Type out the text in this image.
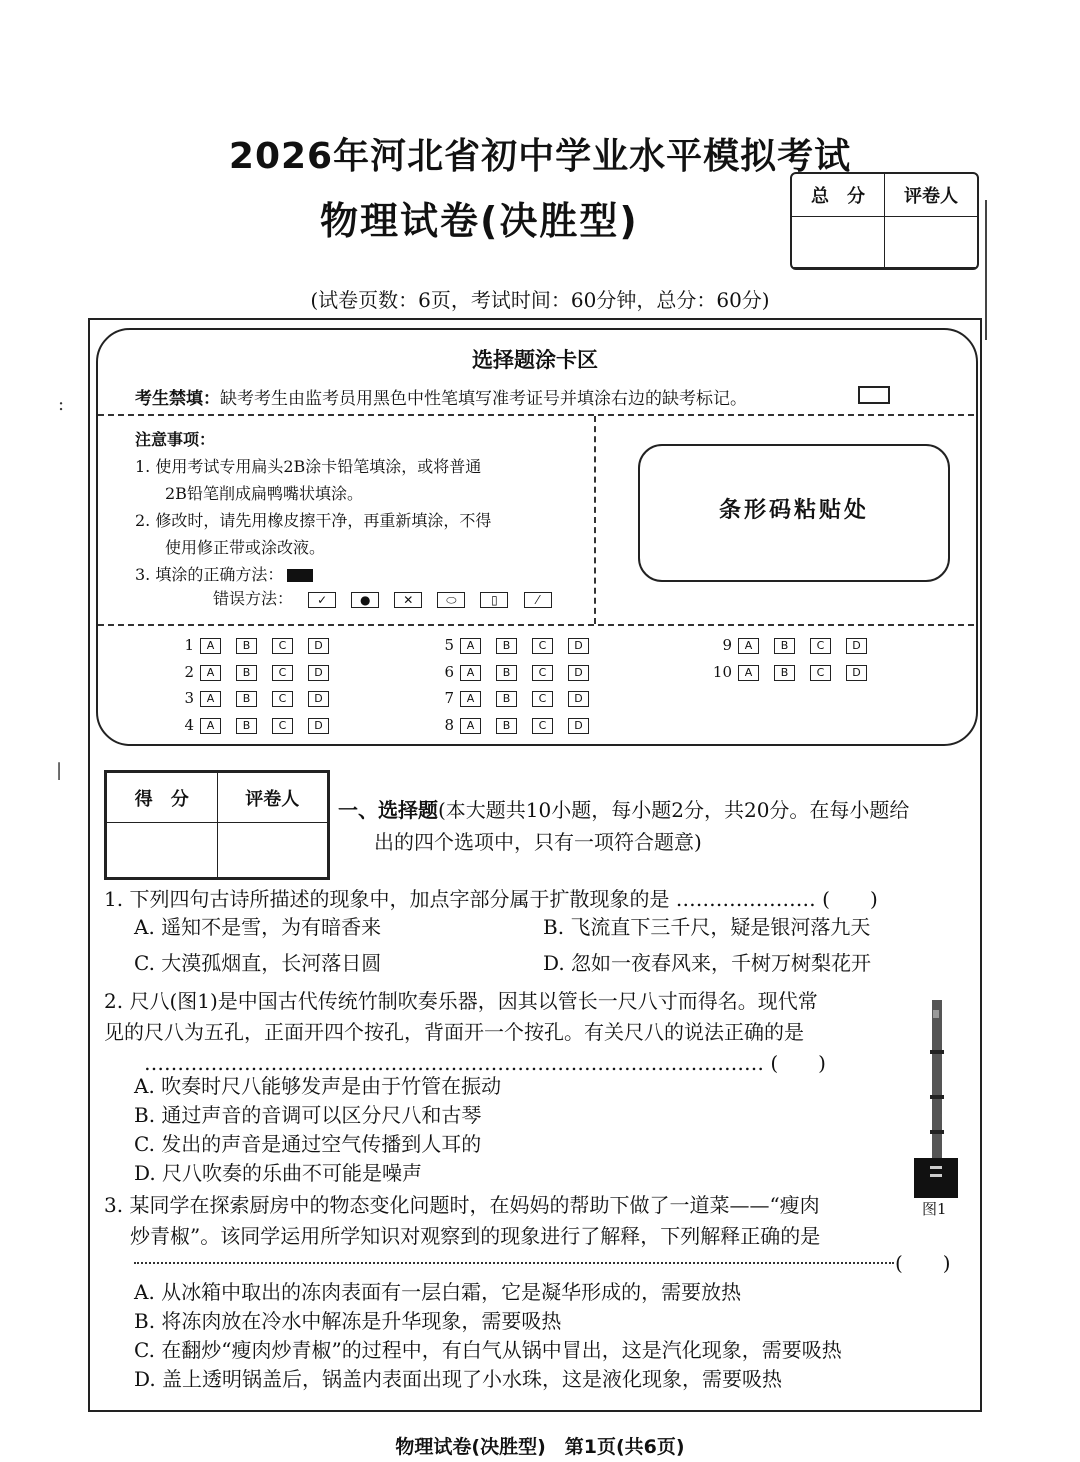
2026年河北省初中学业水平模拟考试
物理试卷(决胜型)
总　分	评卷人

(试卷页数：6页，考试时间：60分钟，总分：60分)
:
|
选择题涂卡区
考生禁填：缺考考生由监考员用黑色中性笔填写准考证号并填涂右边的缺考标记。
注意事项：
1. 使用考试专用扁头2B涂卡铅笔填涂，或将普通
2B铅笔削成扁鸭嘴状填涂。
2. 修改时，请先用橡皮擦干净，再重新填涂，不得
使用修正带或涂改液。
3. 填涂的正确方法：
错误方法： ✓	●	✕	⬭	▯	⁄
条形码粘贴处
1 A	B	C	D
2 A	B	C	D
3 A	B	C	D
4 A	B	C	D
5 A	B	C	D
6 A	B	C	D
7 A	B	C	D
8 A	B	C	D
9 A	B	C	D
10 A	B	C	D
得　分	评卷人
	一、选择题(本大题共10小题，每小题2分，共20分。在每小题给
出的四个选项中，只有一项符合题意)
1. 下列四句古诗所描述的现象中，加点字部分属于扩散现象的是 ………………… (　　)
A. 遥知不是雪，为有暗香来	B. 飞流直下三千尺，疑是银河落九天
C. 大漠孤烟直，长河落日圆	D. 忽如一夜春风来，千树万树梨花开
2. 尺八(图1)是中国古代传统竹制吹奏乐器，因其以管长一尺八寸而得名。现代常
见的尺八为五孔，正面开四个按孔，背面开一个按孔。有关尺八的说法正确的是
………………………………………………………………………………… (　　)
A. 吹奏时尺八能够发声是由于竹管在振动
B. 通过声音的音调可以区分尺八和古琴
C. 发出的声音是通过空气传播到人耳的
D. 尺八吹奏的乐曲不可能是噪声
图1
3. 某同学在探索厨房中的物态变化问题时，在妈妈的帮助下做了一道菜——“瘦肉
炒青椒”。该同学运用所学知识对观察到的现象进行了解释，下列解释正确的是
(　　)
A. 从冰箱中取出的冻肉表面有一层白霜，它是凝华形成的，需要放热
B. 将冻肉放在冷水中解冻是升华现象，需要吸热
C. 在翻炒“瘦肉炒青椒”的过程中，有白气从锅中冒出，这是汽化现象，需要吸热
D. 盖上透明锅盖后，锅盖内表面出现了小水珠，这是液化现象，需要吸热
物理试卷(决胜型)　第1页(共6页)
